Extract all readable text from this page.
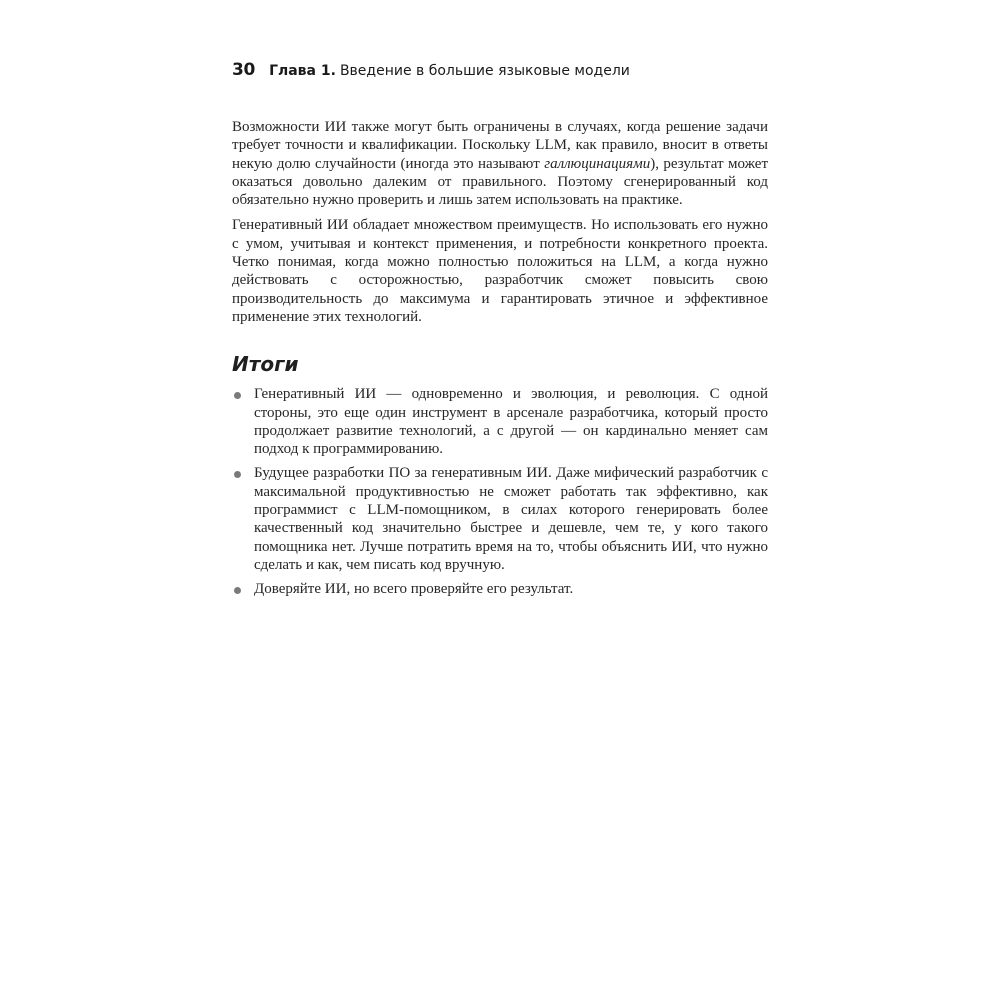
30 Глава 1. Введение в большие языковые модели

Возможности ИИ также могут быть ограничены в случаях, когда решение задачи требует точности и квалификации. Поскольку LLM, как правило, вносит в ответы некую долю случайности (иногда это называют галлюцинациями), результат может оказаться довольно далеким от правильного. Поэтому сгенерированный код обязательно нужно проверить и лишь затем использовать на практике.

Генеративный ИИ обладает множеством преимуществ. Но использовать его нужно с умом, учитывая и контекст применения, и потребности конкретного проекта. Четко понимая, когда можно полностью положиться на LLM, а когда нужно действовать с осторожностью, разработчик сможет повысить свою производительность до максимума и гарантировать этичное и эффективное применение этих технологий.

Итоги
Генеративный ИИ — одновременно и эволюция, и революция. С одной стороны, это еще один инструмент в арсенале разработчика, который просто продолжает развитие технологий, а с другой — он кардинально меняет сам подход к программированию.
Будущее разработки ПО за генеративным ИИ. Даже мифический разработчик с максимальной продуктивностью не сможет работать так эффективно, как программист с LLM-помощником, в силах которого генерировать более качественный код значительно быстрее и дешевле, чем те, у кого такого помощника нет. Лучше потратить время на то, чтобы объяснить ИИ, что нужно сделать и как, чем писать код вручную.
Доверяйте ИИ, но всего проверяйте его результат.
